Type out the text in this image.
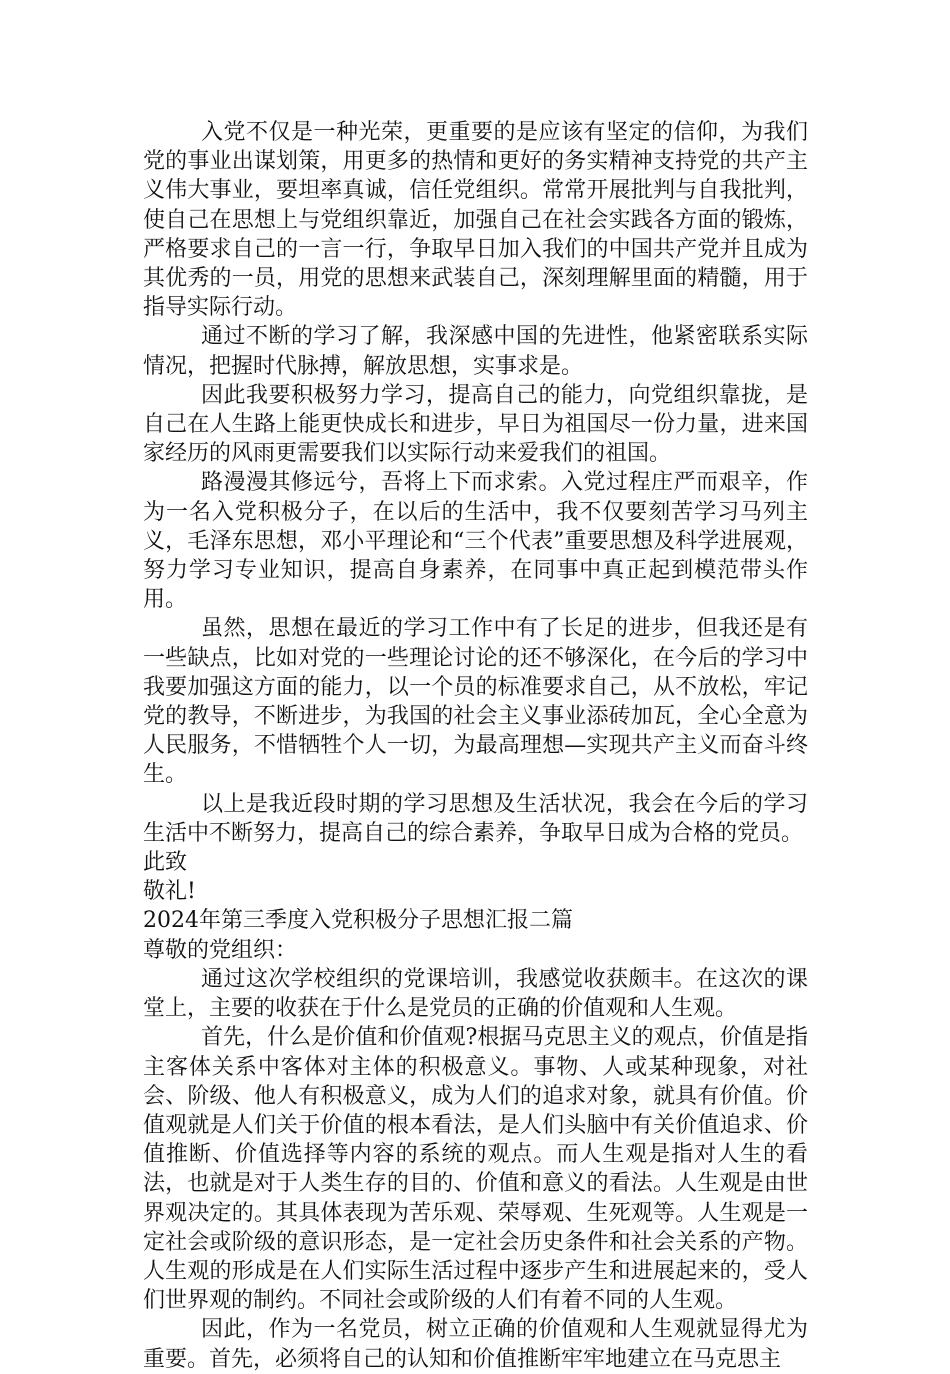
入党不仅是一种光荣，更重要的是应该有坚定的信仰，为我们党的事业出谋划策，用更多的热情和更好的务实精神支持党的共产主义伟大事业，要坦率真诚，信任党组织。常常开展批判与自我批判，使自己在思想上与党组织靠近，加强自己在社会实践各方面的锻炼，严格要求自己的一言一行，争取早日加入我们的中国共产党并且成为其优秀的一员，用党的思想来武装自己，深刻理解里面的精髓，用于指导实际行动。

通过不断的学习了解，我深感中国的先进性，他紧密联系实际情况，把握时代脉搏，解放思想，实事求是。

因此我要积极努力学习，提高自己的能力，向党组织靠拢，是自己在人生路上能更快成长和进步，早日为祖国尽一份力量，进来国家经历的风雨更需要我们以实际行动来爱我们的祖国。

路漫漫其修远兮，吾将上下而求索。入党过程庄严而艰辛，作为一名入党积极分子，在以后的生活中，我不仅要刻苦学习马列主义，毛泽东思想，邓小平理论和“三个代表”重要思想及科学进展观，努力学习专业知识，提高自身素养，在同事中真正起到模范带头作用。

虽然，思想在最近的学习工作中有了长足的进步，但我还是有一些缺点，比如对党的一些理论讨论的还不够深化，在今后的学习中我要加强这方面的能力，以一个员的标准要求自己，从不放松，牢记党的教导，不断进步，为我国的社会主义事业添砖加瓦，全心全意为人民服务，不惜牺牲个人一切，为最高理想—实现共产主义而奋斗终生。

以上是我近段时期的学习思想及生活状况，我会在今后的学习生活中不断努力，提高自己的综合素养，争取早日成为合格的党员。

此致

敬礼!

2024年第三季度入党积极分子思想汇报二篇

尊敬的党组织：

通过这次学校组织的党课培训，我感觉收获颇丰。在这次的课堂上，主要的收获在于什么是党员的正确的价值观和人生观。

首先，什么是价值和价值观?根据马克思主义的观点，价值是指主客体关系中客体对主体的积极意义。事物、人或某种现象，对社会、阶级、他人有积极意义，成为人们的追求对象，就具有价值。价值观就是人们关于价值的根本看法，是人们头脑中有关价值追求、价值推断、价值选择等内容的系统的观点。而人生观是指对人生的看法，也就是对于人类生存的目的、价值和意义的看法。人生观是由世界观决定的。其具体表现为苦乐观、荣辱观、生死观等。人生观是一定社会或阶级的意识形态，是一定社会历史条件和社会关系的产物。人生观的形成是在人们实际生活过程中逐步产生和进展起来的，受人们世界观的制约。不同社会或阶级的人们有着不同的人生观。

因此，作为一名党员，树立正确的价值观和人生观就显得尤为重要。首先，必须将自己的认知和价值推断牢牢地建立在马克思主
